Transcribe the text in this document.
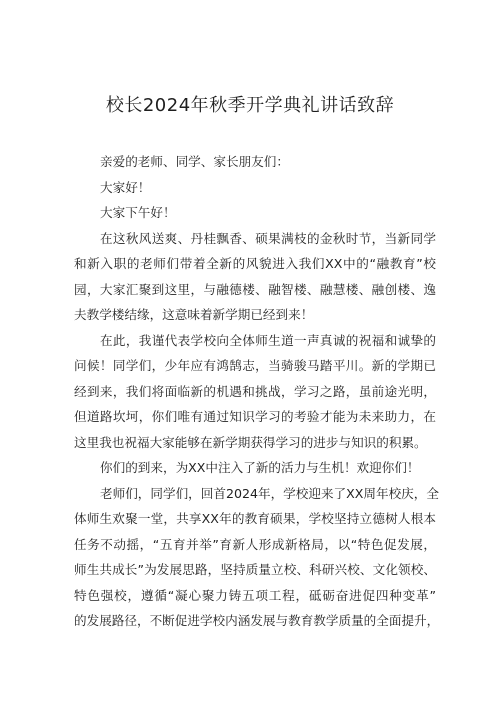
校长2024年秋季开学典礼讲话致辞
亲爱的老师、同学、家长朋友们：
大家好！
大家下午好！
在这秋风送爽、丹桂飘香、硕果满枝的金秋时节，当新同学
和新入职的老师们带着全新的风貌进入我们XX中的“融教育”校
园，大家汇聚到这里，与融德楼、融智楼、融慧楼、融创楼、逸
夫教学楼结缘，这意味着新学期已经到来！
在此，我谨代表学校向全体师生道一声真诚的祝福和诚挚的
问候！同学们，少年应有鸿鹄志，当骑骏马踏平川。新的学期已
经到来，我们将面临新的机遇和挑战，学习之路，虽前途光明，
但道路坎坷，你们唯有通过知识学习的考验才能为未来助力，在
这里我也祝福大家能够在新学期获得学习的进步与知识的积累。
你们的到来，为XX中注入了新的活力与生机！欢迎你们！
老师们，同学们，回首2024年，学校迎来了XX周年校庆，全
体师生欢聚一堂，共享XX年的教育硕果，学校坚持立德树人根本
任务不动摇，“五育并举”育新人形成新格局，以“特色促发展，
师生共成长”为发展思路，坚持质量立校、科研兴校、文化领校、
特色强校，遵循“凝心聚力铸五项工程，砥砺奋进促四种变革”
的发展路径，不断促进学校内涵发展与教育教学质量的全面提升，
